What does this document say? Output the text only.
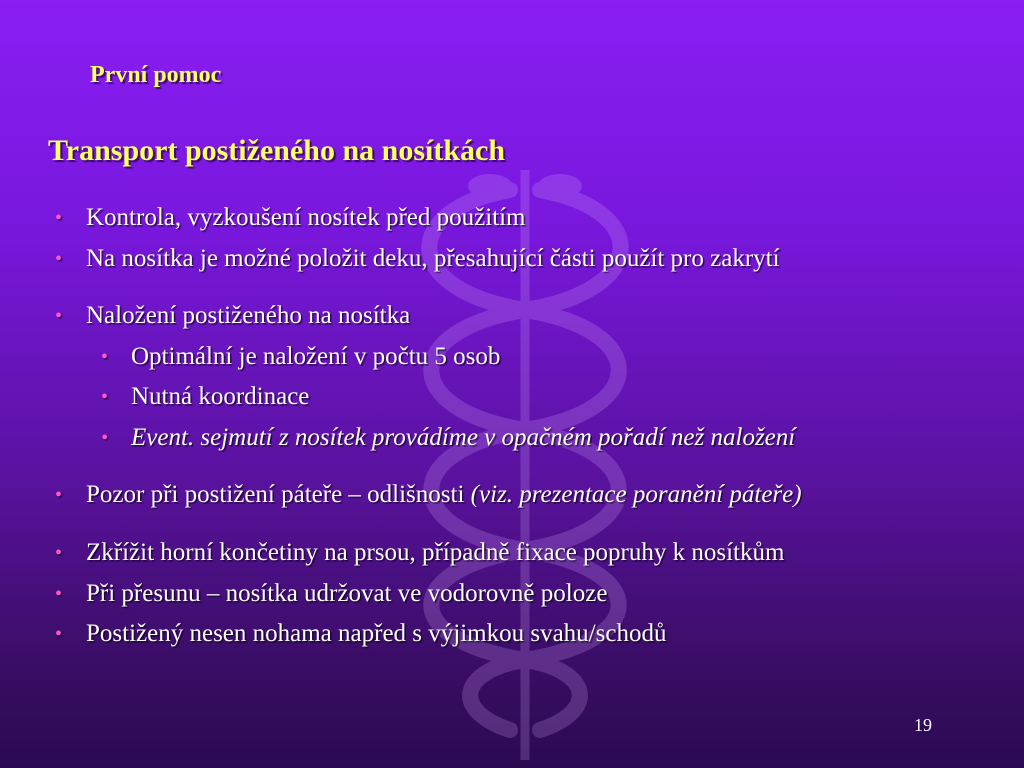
První pomoc
Transport postiženého na nosítkách
• Kontrola, vyzkoušení nosítek před použitím
• Na nosítka je možné položit deku, přesahující části použít pro zakrytí
• Naložení postiženého na nosítka
• Optimální je naložení v počtu 5 osob
• Nutná koordinace
• Event. sejmutí z nosítek provádíme v opačném pořadí než naložení
• Pozor při postižení páteře – odlišnosti (viz. prezentace poranění páteře)
• Zkřížit horní končetiny na prsou, případně fixace popruhy k nosítkům
• Při přesunu – nosítka udržovat ve vodorovně poloze
• Postižený nesen nohama napřed s výjimkou svahu/schodů
19
